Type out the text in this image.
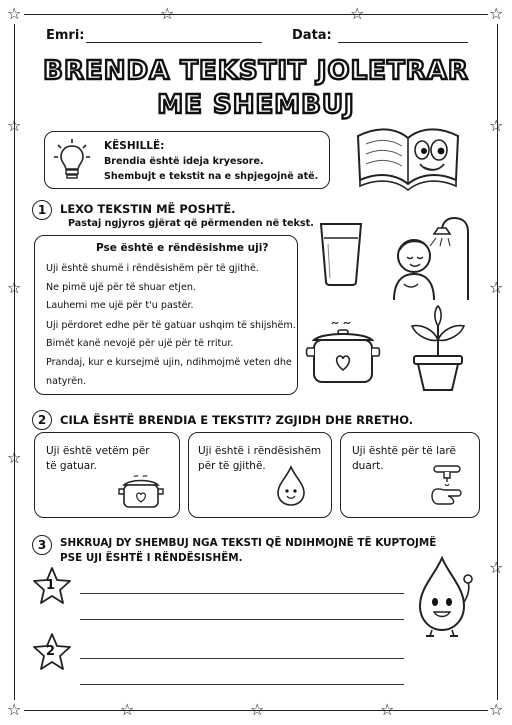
☆	☆
☆	☆
☆
☆
☆
☆
☆
☆
☆	☆
☆	☆	☆
Emri:	Data:
BRENDA TEKSTIT JOLETRAR
ME SHEMBUJ
KËSHILLË:
Brendia është ideja kryesore.
Shembujt e tekstit na e shpjegojnë atë.
1	LEXO TEKSTIN MË POSHTË.
Pastaj ngjyros gjërat që përmenden në tekst.
Pse është e rëndësishme uji?
Uji është shumë i rëndësishëm për të gjithë.
Ne pimë ujë për të shuar etjen.
Lauhemi me ujë për t'u pastër.
Uji përdoret edhe për të gatuar ushqim të shijshëm.
Bimët kanë nevojë për ujë për të rritur.
Prandaj, kur e kursejmë ujin, ndihmojmë veten dhe
natyrën.
2	CILA ËSHTË BRENDIA E TEKSTIT? ZGJIDH DHE RRETHO.
Uji është vetëm për
të gatuar.
Uji është i rëndësishëm
për të gjithë.
Uji është për të larë
duart.
3	SHKRUAJ DY SHEMBUJ NGA TEKSTI QË NDIHMOJNË TË KUPTOJMË
PSE UJI ËSHTË I RËNDËSISHËM.
1
2
